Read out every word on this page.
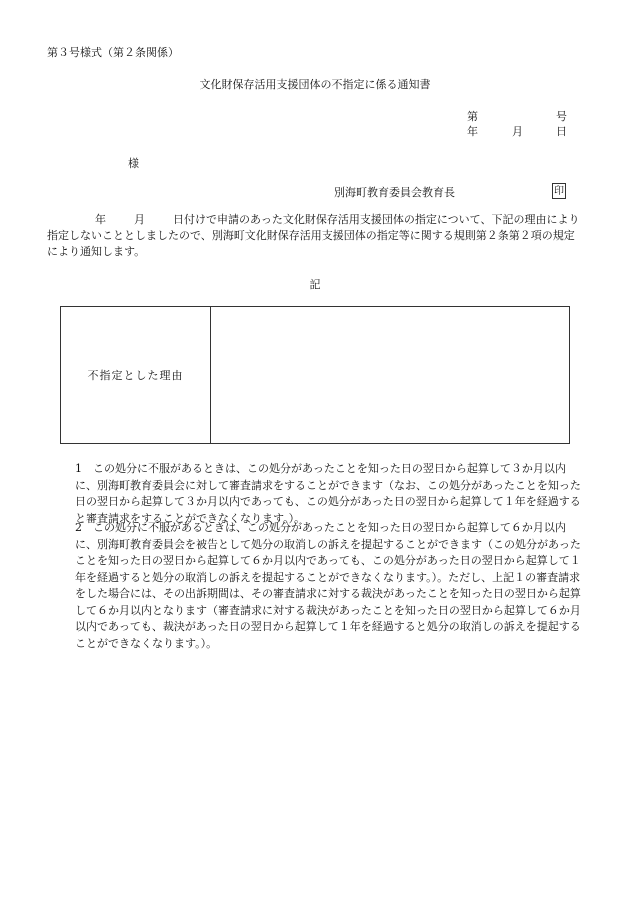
第３号様式（第２条関係）
文化財保存活用支援団体の不指定に係る通知書
第	号
年	月	日
様
別海町教育委員会教育長	印
年	月	日付けで申請のあった文化財保存活用支援団体の指定について、下記の理由により指定しないこととしましたので、別海町文化財保存活用支援団体の指定等に関する規則第２条第２項の規定により通知します。
記
不指定とした理由
1 この処分に不服があるときは、この処分があったことを知った日の翌日から起算して３か月以内に、別海町教育委員会に対して審査請求をすることができます（なお、この処分があったことを知った日の翌日から起算して３か月以内であっても、この処分があった日の翌日から起算して１年を経過すると審査請求をすることができなくなります。）。
2 この処分に不服があるときは、この処分があったことを知った日の翌日から起算して６か月以内に、別海町教育委員会を被告として処分の取消しの訴えを提起することができます（この処分があったことを知った日の翌日から起算して６か月以内であっても、この処分があった日の翌日から起算して１年を経過すると処分の取消しの訴えを提起することができなくなります。）。ただし、上記１の審査請求をした場合には、その出訴期間は、その審査請求に対する裁決があったことを知った日の翌日から起算して６か月以内となります（審査請求に対する裁決があったことを知った日の翌日から起算して６か月以内であっても、裁決があった日の翌日から起算して１年を経過すると処分の取消しの訴えを提起することができなくなります。）。
